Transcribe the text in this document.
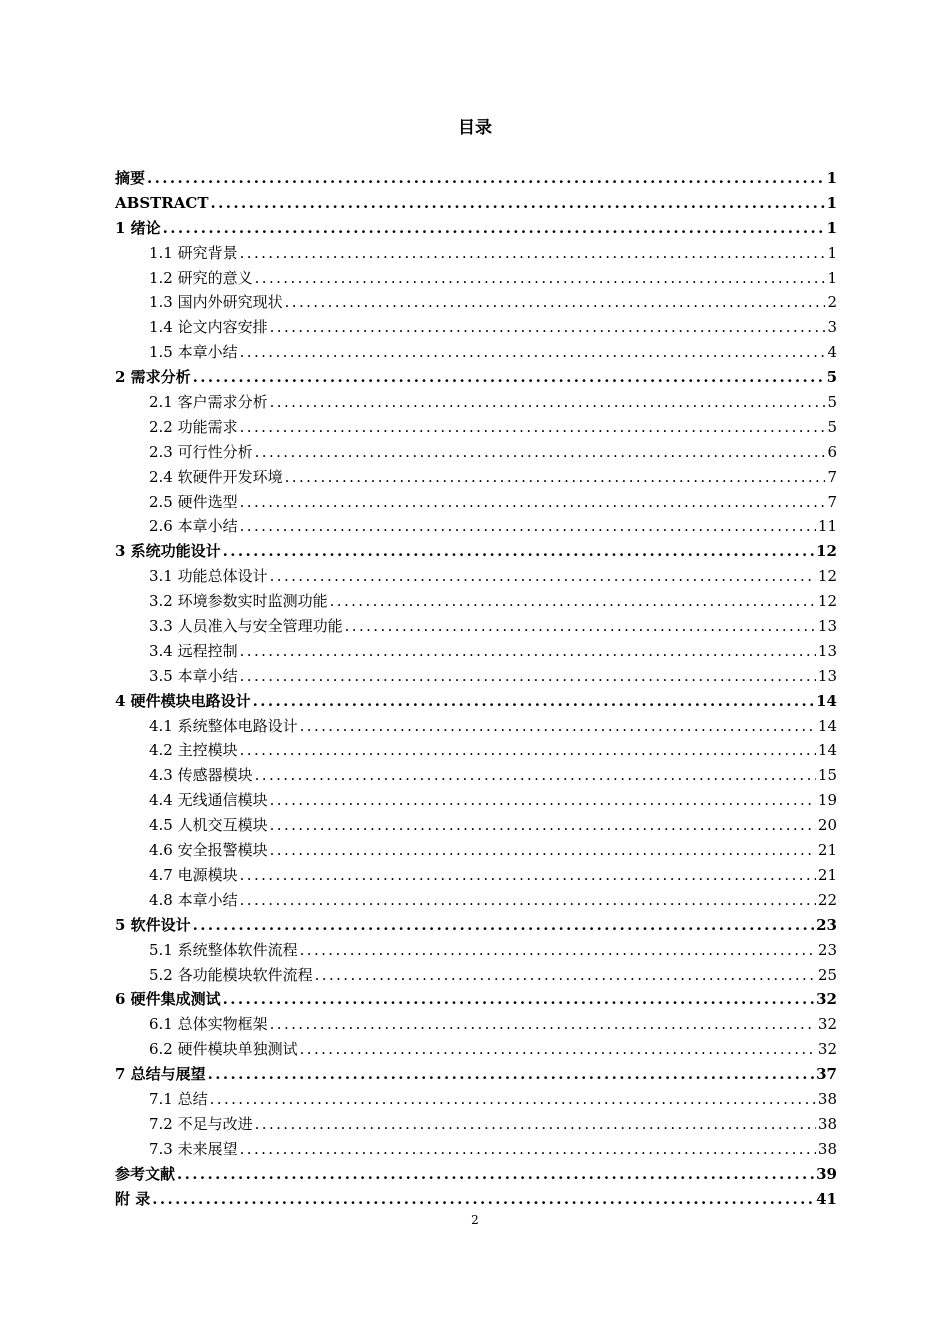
目录
摘要 .....	1
ABSTRACT .....	1
1 绪论 .....	1
1.1 研究背景 .....	1
1.2 研究的意义 .....	1
1.3 国内外研究现状 .....	2
1.4 论文内容安排 .....	3
1.5 本章小结 .....	4
2 需求分析 .....	5
2.1 客户需求分析 .....	5
2.2 功能需求 .....	5
2.3 可行性分析 .....	6
2.4 软硬件开发环境 .....	7
2.5 硬件选型 .....	7
2.6 本章小结 .....	11
3 系统功能设计 .....	12
3.1 功能总体设计 .....	12
3.2 环境参数实时监测功能 .....	12
3.3 人员准入与安全管理功能 .....	13
3.4 远程控制 .....	13
3.5 本章小结 .....	13
4 硬件模块电路设计 .....	14
4.1 系统整体电路设计 .....	14
4.2 主控模块 .....	14
4.3 传感器模块 .....	15
4.4 无线通信模块 .....	19
4.5 人机交互模块 .....	20
4.6 安全报警模块 .....	21
4.7 电源模块 .....	21
4.8 本章小结 .....	22
5 软件设计 .....	23
5.1 系统整体软件流程 .....	23
5.2 各功能模块软件流程 .....	25
6 硬件集成测试 .....	32
6.1 总体实物框架 .....	32
6.2 硬件模块单独测试 .....	32
7 总结与展望 .....	37
7.1 总结 .....	38
7.2 不足与改进 .....	38
7.3 未来展望 .....	38
参考文献 .....	39
附 录 .....	41
2
